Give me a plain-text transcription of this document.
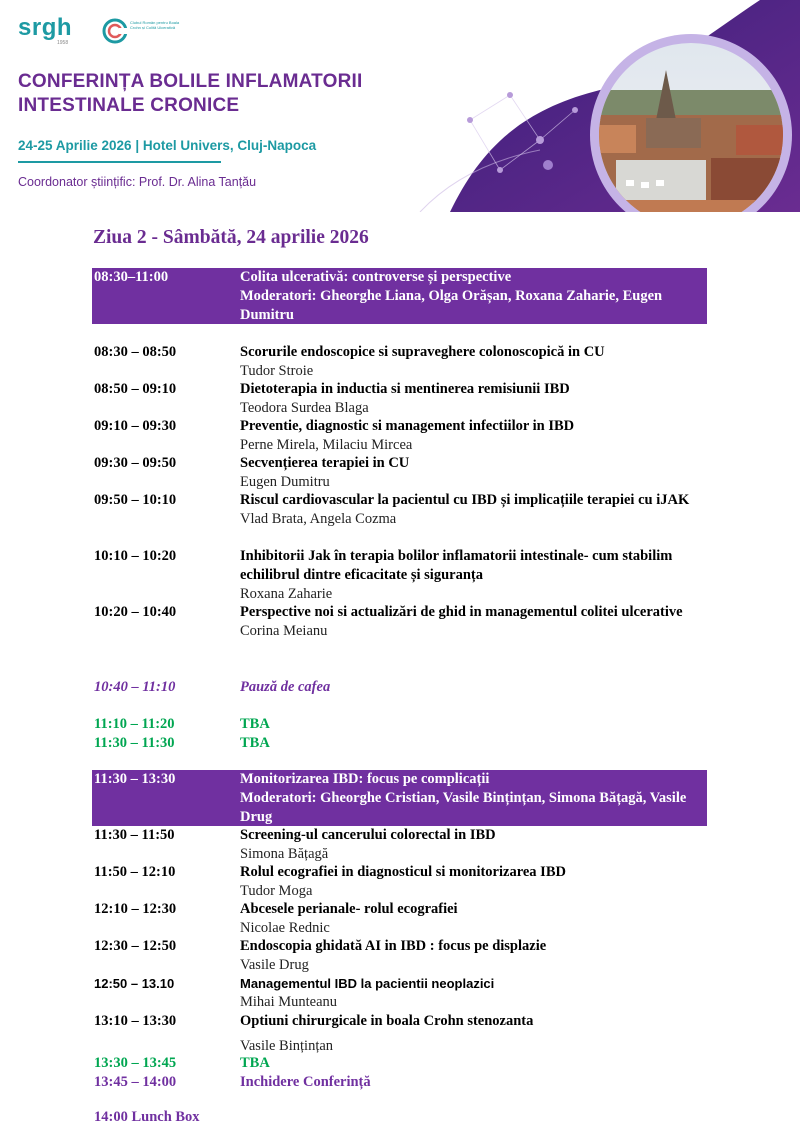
srgh
1958
Clubul Român pentru Boala Crohn și Colită Ulcerativă
CONFERINȚA BOLILE INFLAMATORII
INTESTINALE CRONICE
24-25 Aprilie 2026 | Hotel Univers, Cluj-Napoca
Coordonator științific: Prof. Dr. Alina Tanțău
Ziua 2 - Sâmbătă, 24 aprilie 2026
08:30–11:00	Colita ulcerativă: controverse și perspective
Moderatori: Gheorghe Liana, Olga Orășan, Roxana Zaharie, Eugen Dumitru
08:30 – 08:50	Scorurile endoscopice si supraveghere colonoscopică in CU
Tudor Stroie
08:50 – 09:10	Dietoterapia in inductia si mentinerea remisiunii IBD
Teodora Surdea Blaga
09:10 – 09:30	Preventie, diagnostic si management infectiilor in IBD
Perne Mirela, Milaciu Mircea
09:30 – 09:50	Secvențierea terapiei in CU
Eugen Dumitru
09:50 – 10:10	Riscul cardiovascular la pacientul cu IBD și implicațiile terapiei cu iJAK
Vlad Brata, Angela Cozma
10:10 – 10:20	Inhibitorii Jak în terapia bolilor inflamatorii intestinale- cum stabilim echilibrul dintre eficacitate și siguranța
Roxana Zaharie
10:20 – 10:40	Perspective noi si actualizări de ghid in managementul colitei ulcerative
Corina Meianu
10:40 – 11:10	Pauză de cafea
11:10 – 11:20	TBA
11:30 – 11:30	TBA
11:30 – 13:30	Monitorizarea IBD: focus pe complicații
Moderatori: Gheorghe Cristian, Vasile Bințințan, Simona Bățagă, Vasile Drug
11:30 – 11:50	Screening-ul cancerului colorectal in IBD
Simona Bățagă
11:50 – 12:10	Rolul ecografiei in diagnosticul si monitorizarea IBD
Tudor Moga
12:10 – 12:30	Abcesele perianale- rolul ecografiei
Nicolae Rednic
12:30 – 12:50	Endoscopia ghidată AI in IBD : focus pe displazie
Vasile Drug
12:50 – 13.10	Managementul IBD la pacientii neoplazici
Mihai Munteanu
13:10 – 13:30	Optiuni chirurgicale in boala Crohn stenozanta
Vasile Bințințan
13:30 – 13:45	TBA
13:45 – 14:00	Inchidere Conferință
14:00 Lunch Box
